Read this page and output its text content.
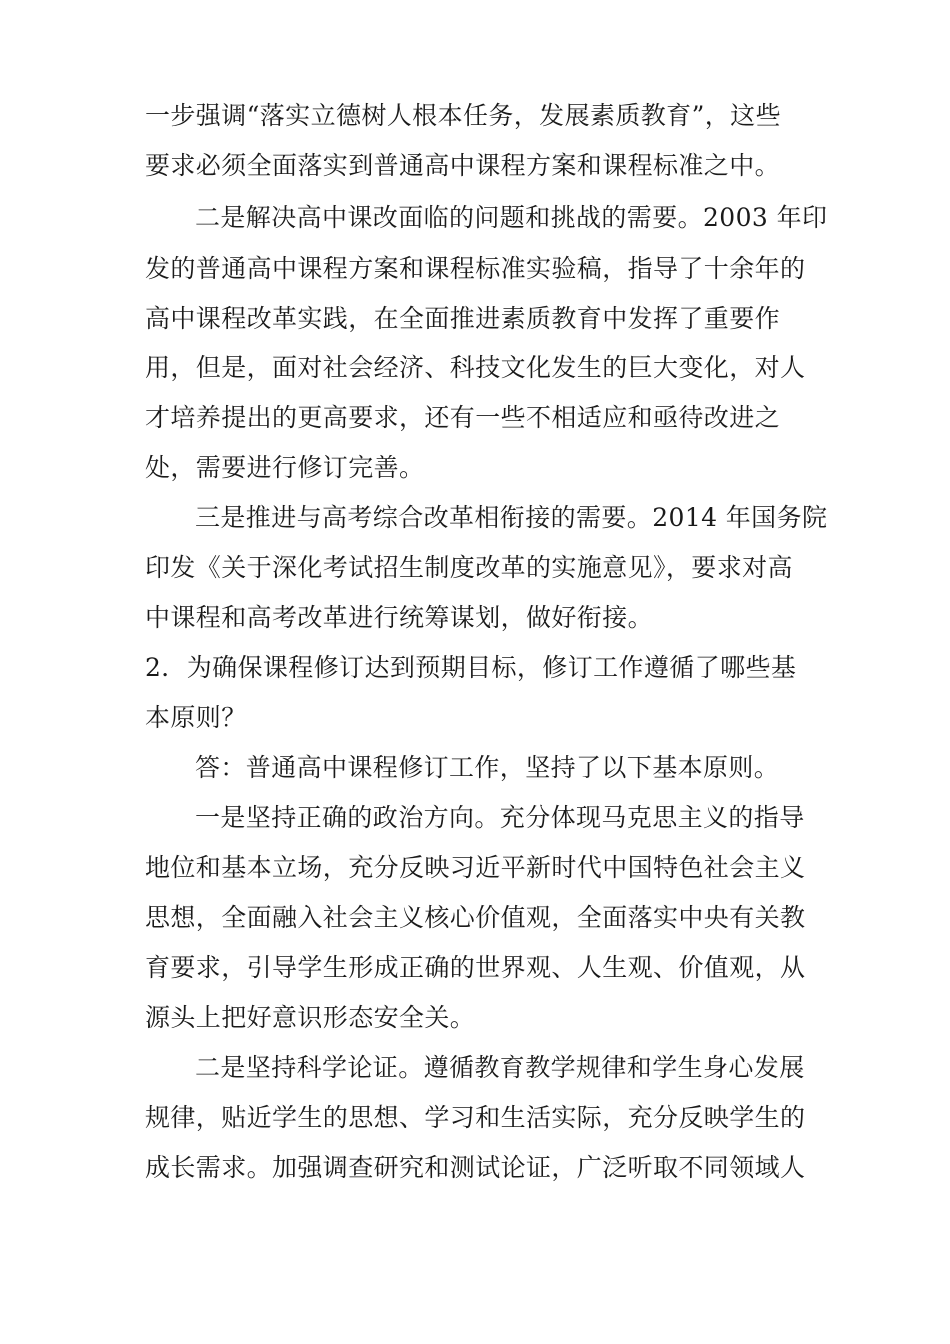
一步强调“落实立德树人根本任务，发展素质教育”，这些
要求必须全面落实到普通高中课程方案和课程标准之中。
二是解决高中课改面临的问题和挑战的需要。2003 年印
发的普通高中课程方案和课程标准实验稿，指导了十余年的
高中课程改革实践，在全面推进素质教育中发挥了重要作
用，但是，面对社会经济、科技文化发生的巨大变化，对人
才培养提出的更高要求，还有一些不相适应和亟待改进之
处，需要进行修订完善。
三是推进与高考综合改革相衔接的需要。2014 年国务院
印发《关于深化考试招生制度改革的实施意见》，要求对高
中课程和高考改革进行统筹谋划，做好衔接。
2．为确保课程修订达到预期目标，修订工作遵循了哪些基
本原则？
答：普通高中课程修订工作，坚持了以下基本原则。
一是坚持正确的政治方向。充分体现马克思主义的指导
地位和基本立场，充分反映习近平新时代中国特色社会主义
思想，全面融入社会主义核心价值观，全面落实中央有关教
育要求，引导学生形成正确的世界观、人生观、价值观，从
源头上把好意识形态安全关。
二是坚持科学论证。遵循教育教学规律和学生身心发展
规律，贴近学生的思想、学习和生活实际，充分反映学生的
成长需求。加强调查研究和测试论证，广泛听取不同领域人
